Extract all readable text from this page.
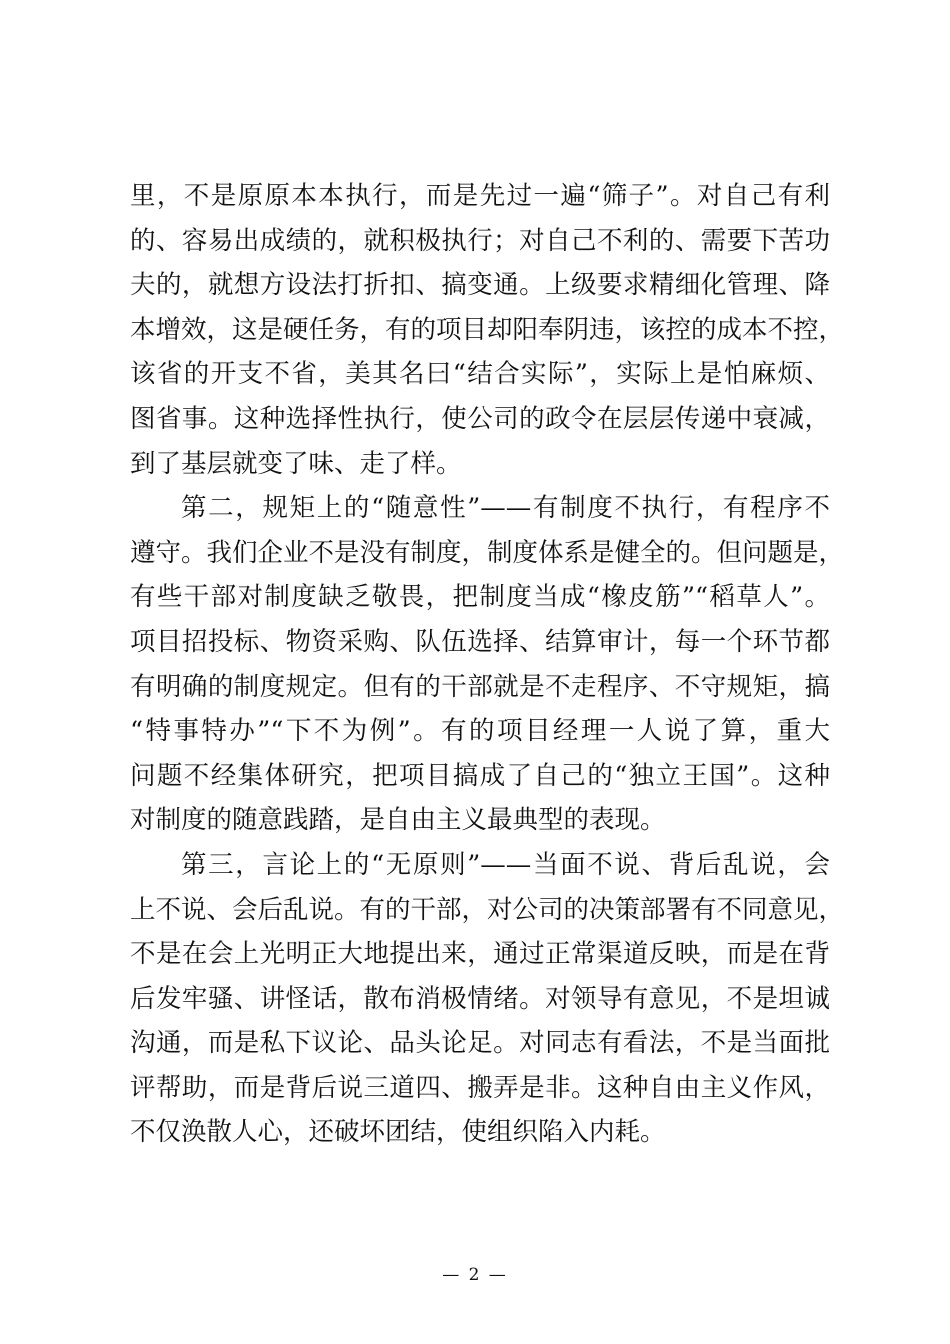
里，不是原原本本执行，而是先过一遍“筛子”。对自己有利
的、容易出成绩的，就积极执行；对自己不利的、需要下苦功
夫的，就想方设法打折扣、搞变通。上级要求精细化管理、降
本增效，这是硬任务，有的项目却阳奉阴违，该控的成本不控，
该省的开支不省，美其名曰“结合实际”，实际上是怕麻烦、
图省事。这种选择性执行，使公司的政令在层层传递中衰减，
到了基层就变了味、走了样。
第二，规矩上的“随意性”——有制度不执行，有程序不
遵守。我们企业不是没有制度，制度体系是健全的。但问题是，
有些干部对制度缺乏敬畏，把制度当成“橡皮筋”“稻草人”。
项目招投标、物资采购、队伍选择、结算审计，每一个环节都
有明确的制度规定。但有的干部就是不走程序、不守规矩，搞
“特事特办”“下不为例”。有的项目经理一人说了算，重大
问题不经集体研究，把项目搞成了自己的“独立王国”。这种
对制度的随意践踏，是自由主义最典型的表现。
第三，言论上的“无原则”——当面不说、背后乱说，会
上不说、会后乱说。有的干部，对公司的决策部署有不同意见，
不是在会上光明正大地提出来，通过正常渠道反映，而是在背
后发牢骚、讲怪话，散布消极情绪。对领导有意见，不是坦诚
沟通，而是私下议论、品头论足。对同志有看法，不是当面批
评帮助，而是背后说三道四、搬弄是非。这种自由主义作风，
不仅涣散人心，还破坏团结，使组织陷入内耗。
— 2 —
